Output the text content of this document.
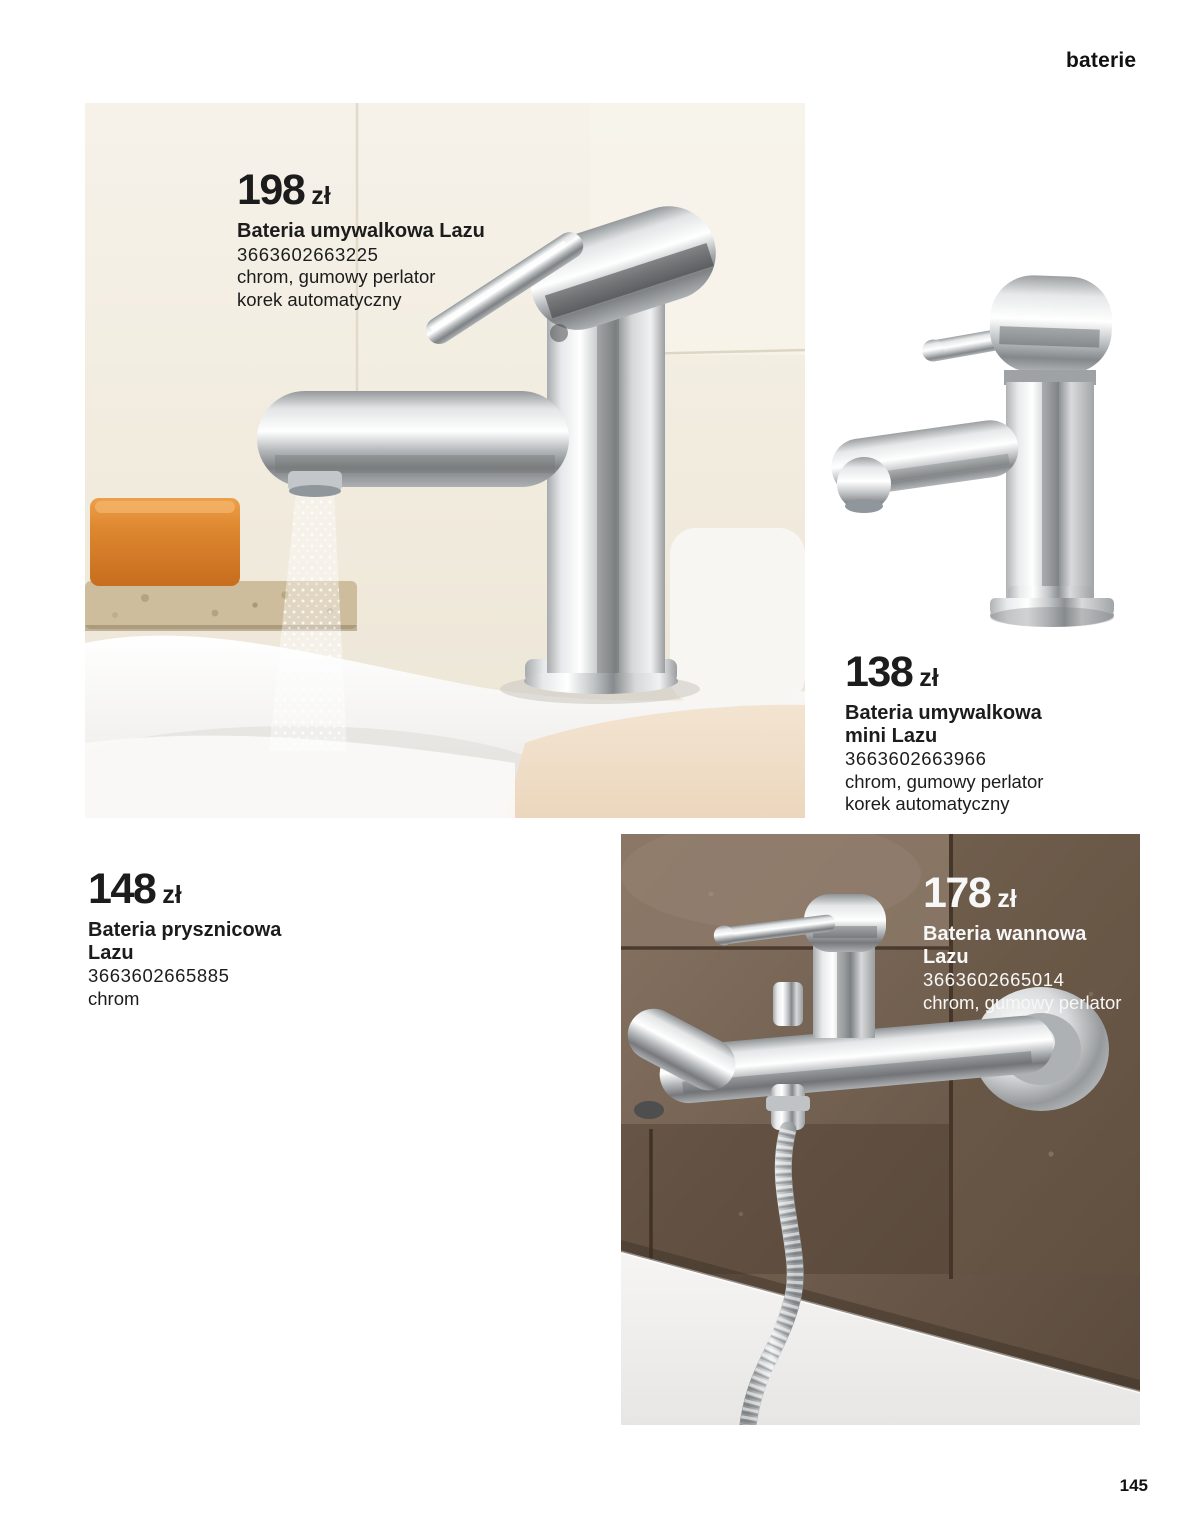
baterie
198 zł
Bateria umywalkowa Lazu
3663602663225
chrom, gumowy perlator
korek automatyczny
138 zł
Bateria umywalkowa
mini Lazu
3663602663966
chrom, gumowy perlator
korek automatyczny
148 zł
Bateria prysznicowa
Lazu
3663602665885
chrom
178 zł
Bateria wannowa
Lazu
3663602665014
chrom, gumowy perlator
145
